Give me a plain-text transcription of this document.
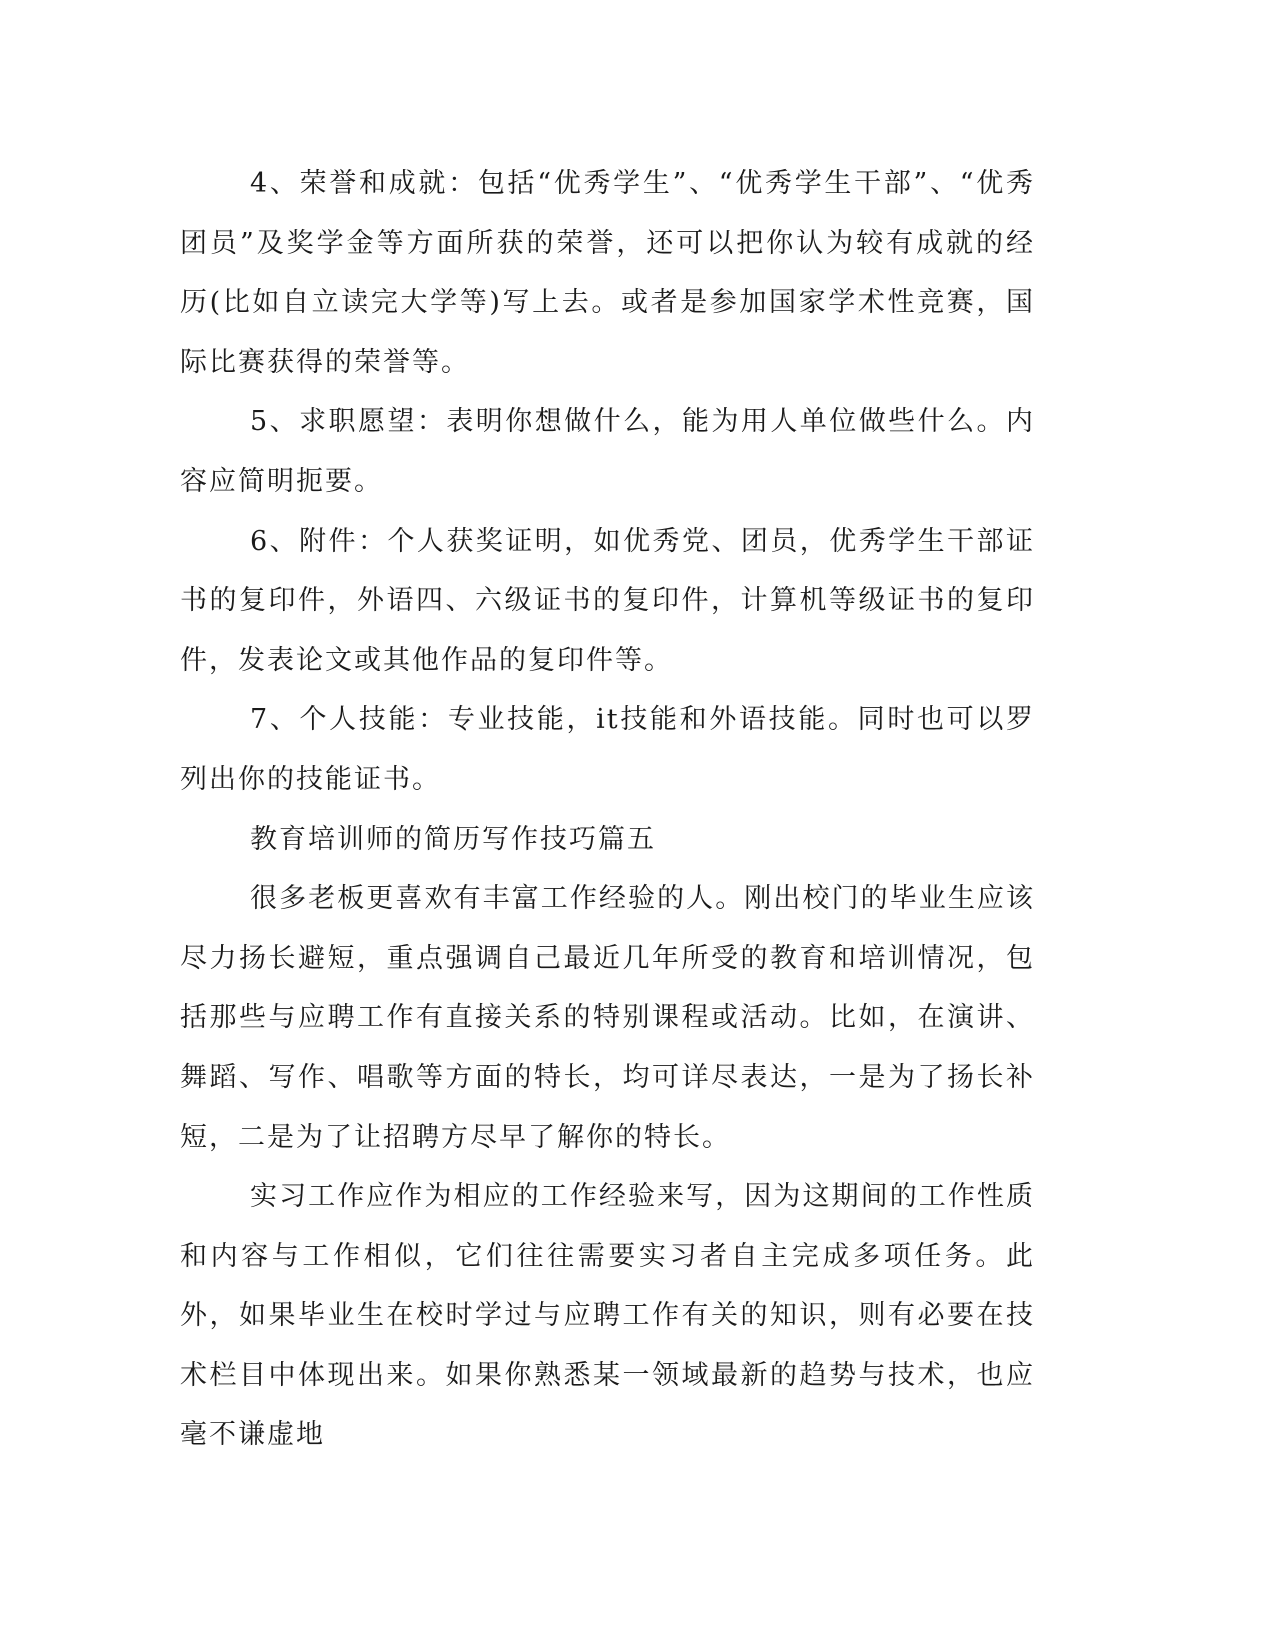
4、荣誉和成就：包括“优秀学生”、“优秀学生干部”、“优秀团员”及奖学金等方面所获的荣誉，还可以把你认为较有成就的经历(比如自立读完大学等)写上去。或者是参加国家学术性竞赛，国际比赛获得的荣誉等。

5、求职愿望：表明你想做什么，能为用人单位做些什么。内容应简明扼要。

6、附件：个人获奖证明，如优秀党、团员，优秀学生干部证书的复印件，外语四、六级证书的复印件，计算机等级证书的复印件，发表论文或其他作品的复印件等。

7、个人技能：专业技能，it技能和外语技能。同时也可以罗列出你的技能证书。

教育培训师的简历写作技巧篇五

很多老板更喜欢有丰富工作经验的人。刚出校门的毕业生应该尽力扬长避短，重点强调自己最近几年所受的教育和培训情况，包括那些与应聘工作有直接关系的特别课程或活动。比如，在演讲、舞蹈、写作、唱歌等方面的特长，均可详尽表达，一是为了扬长补短，二是为了让招聘方尽早了解你的特长。

实习工作应作为相应的工作经验来写，因为这期间的工作性质和内容与工作相似，它们往往需要实习者自主完成多项任务。此外，如果毕业生在校时学过与应聘工作有关的知识，则有必要在技术栏目中体现出来。如果你熟悉某一领域最新的趋势与技术，也应毫不谦虚地
